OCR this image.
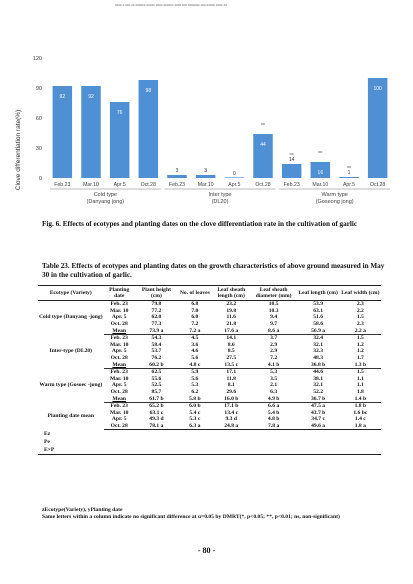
ಠಠಠಠ ಠ ಠಠಠ ಠಠ ಠಠಠಠಠಠ ಠಠಠಠಠ ಠಠಠಠ ಠಠಠಠಠಠ ಠಠಠಠ ಠಠಠ ಠಠಠಠಠಠಠ ಠಠಠ ಠಠಠಠಠ ಠಠಠಠ ಠಠ
Clove differentiation rate(%)
120
90
60
30
0
92	92
76
98
3	3	0
44
14
16	1
100
Feb.23 Mar.10	Apr.5	Oct.28 Feb.23 Mar.10	Apr.5	Oct.28 Feb.23 Mar.10	Apr.5	Oct.28
Cold type
(Danyang jong)
Inter type
(DL20)
Warm type
(Goseong jong)
Fig. 6. Effects of ecotypes and planting dates on the clove differentiation rate in the cultivation of garlic
Table 23. Effects of ecotypes and planting dates on the growth characteristics of above ground measured in May 30 in the cultivation of garlic.
Ecotype (Variety)	Planting date	Plant height (cm)	No. of leaves	Leaf sheath length (cm)	Leaf sheath diameter (mm)	Leaf length (cm)	Leaf width (cm)
Cold type (Danyang -jong)	Feb. 23	79.8	6.8	23.2	10.5	53.9	2.3
	Mar. 10	77.2	7.0	19.8	10.3	63.1	2.2
	Apr. 5	62.0	6.0	11.6	9.4	51.6	1.5
	Oct. 28	77.3	7.2	21.8	9.7	58.6	2.3
	Mean	73.9 a	7.2 a	17.6 a	8.6 a	56.9 a	2.2 a
Inter-type (DL20)	Feb. 23	54.3	4.5	14.1	3.7	32.4	1.5
	Mar. 10	58.4	3.6	8.6	2.9	32.1	1.2
	Apr. 5	53.7	4.6	8.5	2.9	32.3	1.2
	Oct. 28	76.2	5.6	27.5	7.2	48.3	1.7
	Mean	60.2 b	4.8 c	13.5 c	4.1 b	36.8 b	1.3 b
Warm type (Gosoec -jong)	Feb. 23	62.5	5.9	17.1	5.3	44.6	1.5
	Mar. 10	55.6	5.6	11.8	3.5	38.1	1.1
	Apr. 5	52.5	5.3	8.1	2.1	32.1	1.1
	Oct. 28	85.7	6.2	29.6	6.3	52.2	1.8
	Mean	61.7 b	5.8 b	16.0 b	4.9 b	36.7 b	1.4 b
Planting date mean	Feb. 23	65.2 b	6.0 b	17.1 b	6.6 a	47.5 a	1.8 b
	Mar. 10	63.1 c	5.4 c	13.4 c	5.4 b	43.7 b	1.6 bc
	Apr. 5	49.3 d	5.3 c	9.3 d	4.8 b	34.7 c	1.4 c
	Oct. 28	78.1 a	6.3 a	24.8 a	7.8 a	49.6 a	1.8 a
Ez							
Pe							
E×P							
zEcotype(Variety), yPlanting date
Same letters within a column indicate no significant difference at α=0.05 by DMRT(*, p<0.05; **, p<0.01; ns, non-significant)
- 80 -
